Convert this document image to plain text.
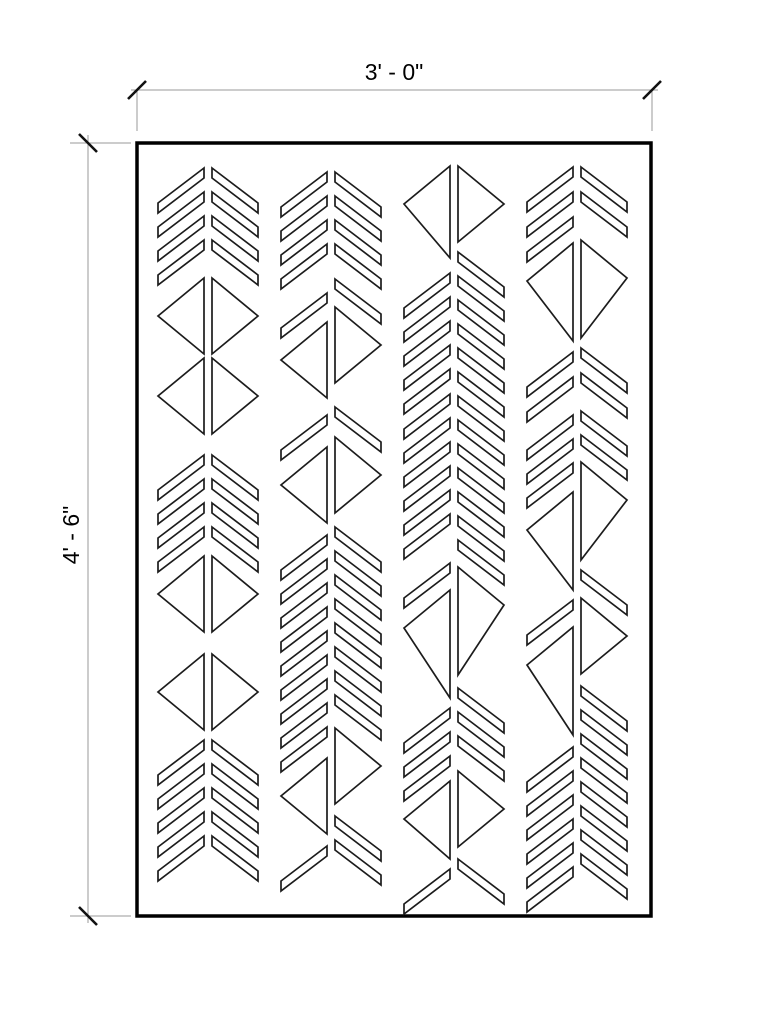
3' - 0"
4' - 6"
